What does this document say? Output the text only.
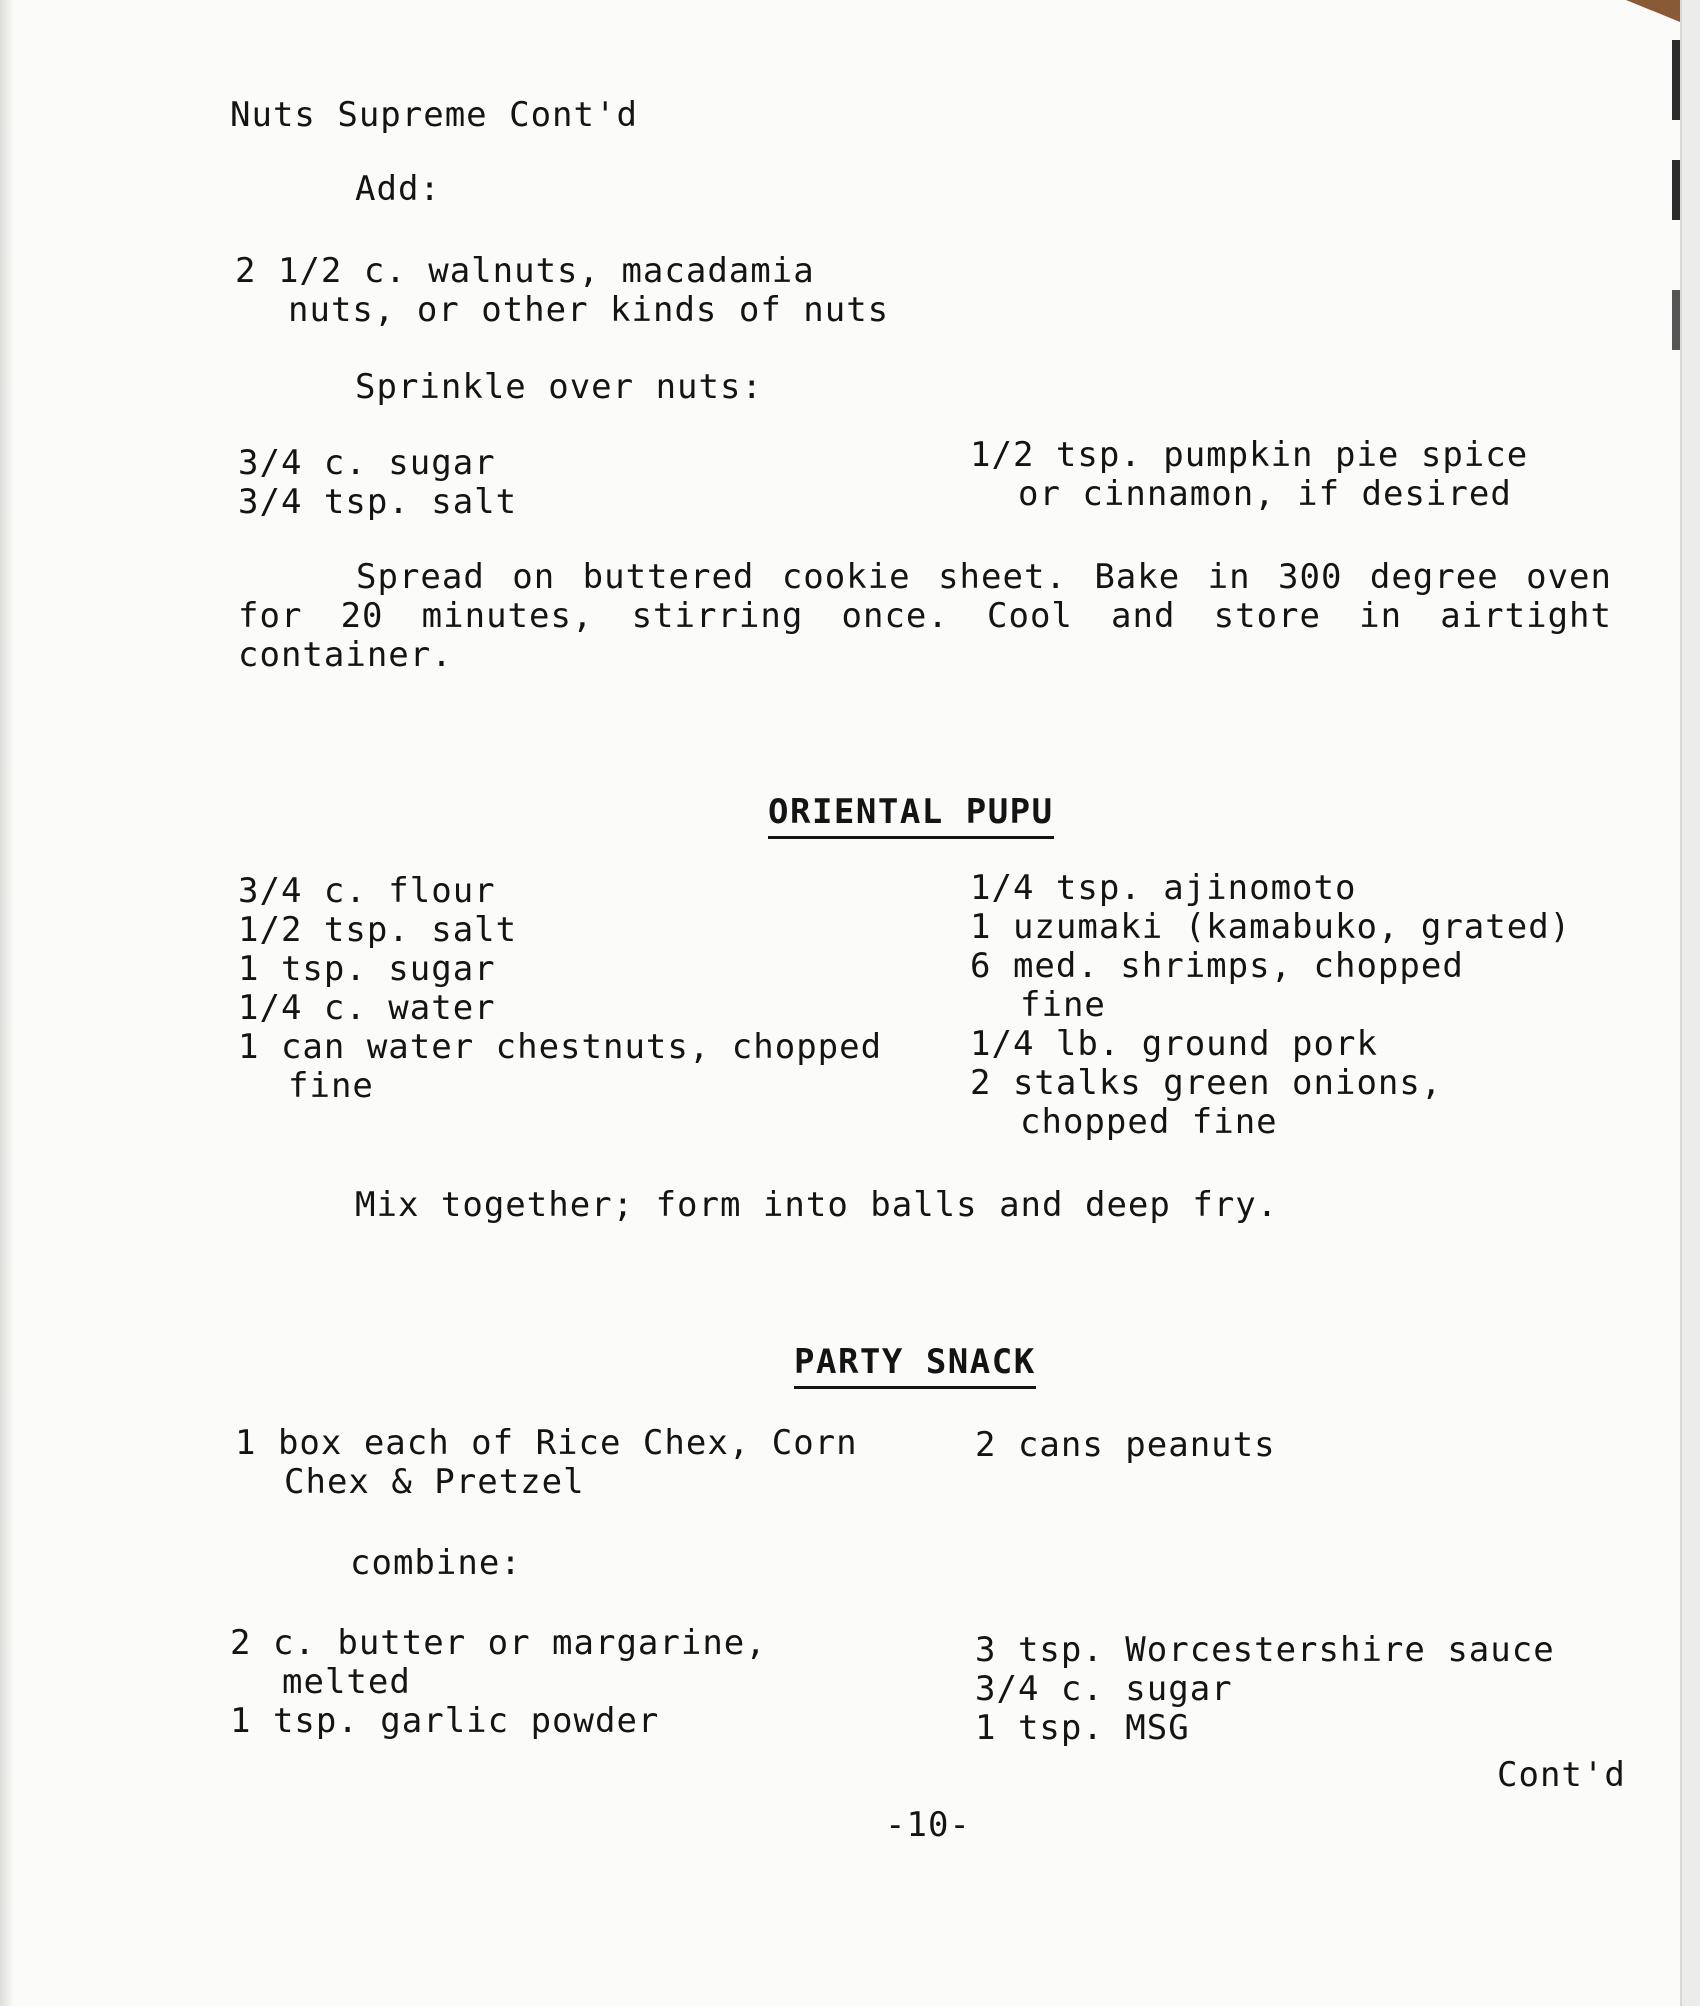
Nuts Supreme Cont'd
Add:
2 1/2 c. walnuts, macadamia
nuts, or other kinds of nuts
Sprinkle over nuts:
3/4 c. sugar
3/4 tsp. salt
1/2 tsp. pumpkin pie spice
or cinnamon, if desired
Spread on buttered cookie sheet. Bake in 300 degree oven for 20 minutes, stirring once. Cool and store in airtight container.
ORIENTAL PUPU
3/4 c. flour
1/2 tsp. salt
1 tsp. sugar
1/4 c. water
1 can water chestnuts, chopped
fine
1/4 tsp. ajinomoto
1 uzumaki (kamabuko, grated)
6 med. shrimps, chopped
fine
1/4 lb. ground pork
2 stalks green onions,
chopped fine
Mix together; form into balls and deep fry.
PARTY SNACK
1 box each of Rice Chex, Corn
Chex & Pretzel
2 cans peanuts
combine:
2 c. butter or margarine,
melted
1 tsp. garlic powder
3 tsp. Worcestershire sauce
3/4 c. sugar
1 tsp. MSG
Cont'd
-10-
